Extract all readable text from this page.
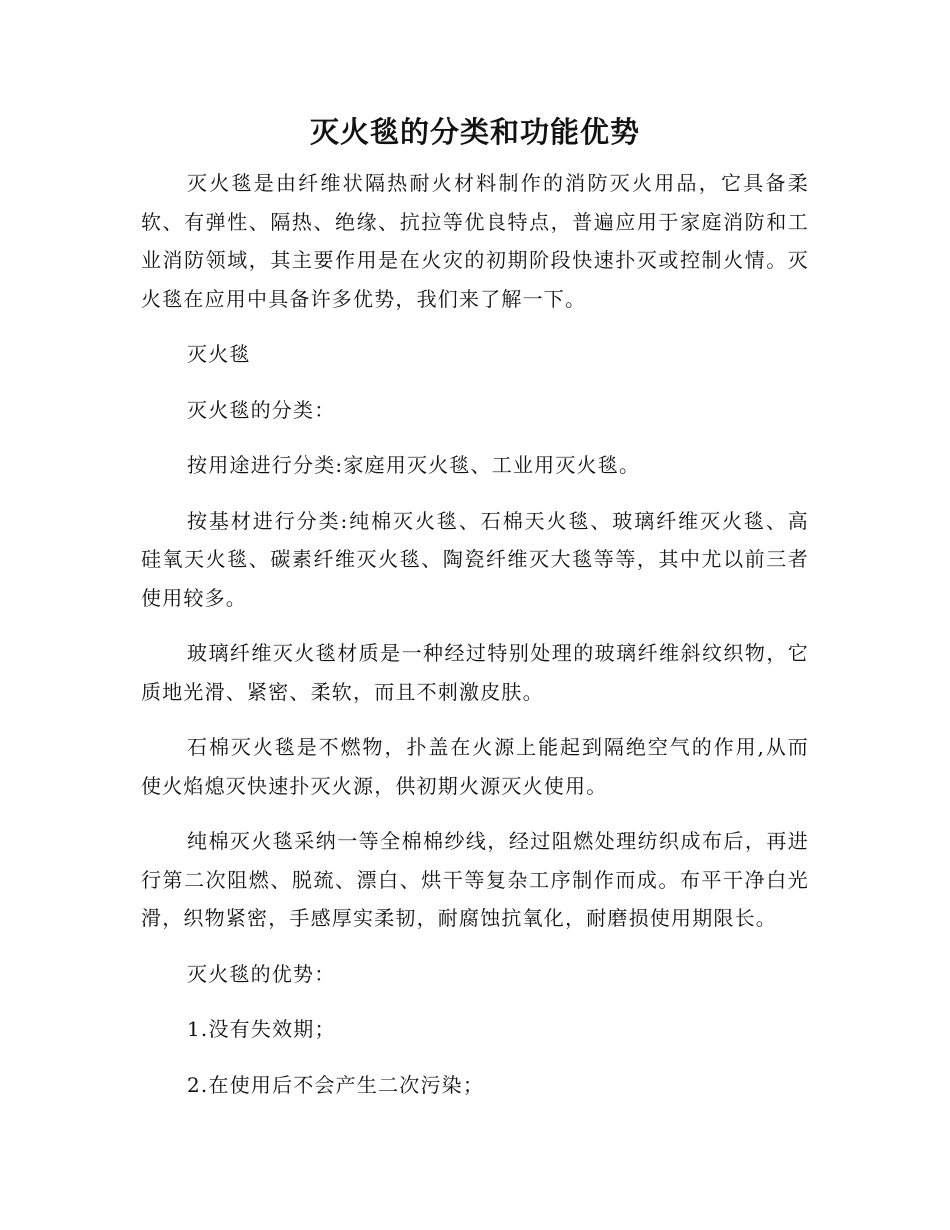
灭火毯的分类和功能优势

灭火毯是由纤维状隔热耐火材料制作的消防灭火用品，它具备柔软、有弹性、隔热、绝缘、抗拉等优良特点，普遍应用于家庭消防和工业消防领域，其主要作用是在火灾的初期阶段快速扑灭或控制火情。灭火毯在应用中具备许多优势，我们来了解一下。

灭火毯

灭火毯的分类：

按用途进行分类:家庭用灭火毯、工业用灭火毯。

按基材进行分类:纯棉灭火毯、石棉天火毯、玻璃纤维灭火毯、高硅氧天火毯、碳素纤维灭火毯、陶瓷纤维灭大毯等等，其中尤以前三者使用较多。

玻璃纤维灭火毯材质是一种经过特别处理的玻璃纤维斜纹织物，它质地光滑、紧密、柔软，而且不刺激皮肤。

石棉灭火毯是不燃物，扑盖在火源上能起到隔绝空气的作用,从而使火焰熄灭快速扑灭火源，供初期火源灭火使用。

纯棉灭火毯采纳一等全棉棉纱线，经过阻燃处理纺织成布后，再进行第二次阻燃、脱巯、漂白、烘干等复杂工序制作而成。布平干净白光滑，织物紧密，手感厚实柔韧，耐腐蚀抗氧化，耐磨损使用期限长。

灭火毯的优势：

1.没有失效期；

2.在使用后不会产生二次污染；
